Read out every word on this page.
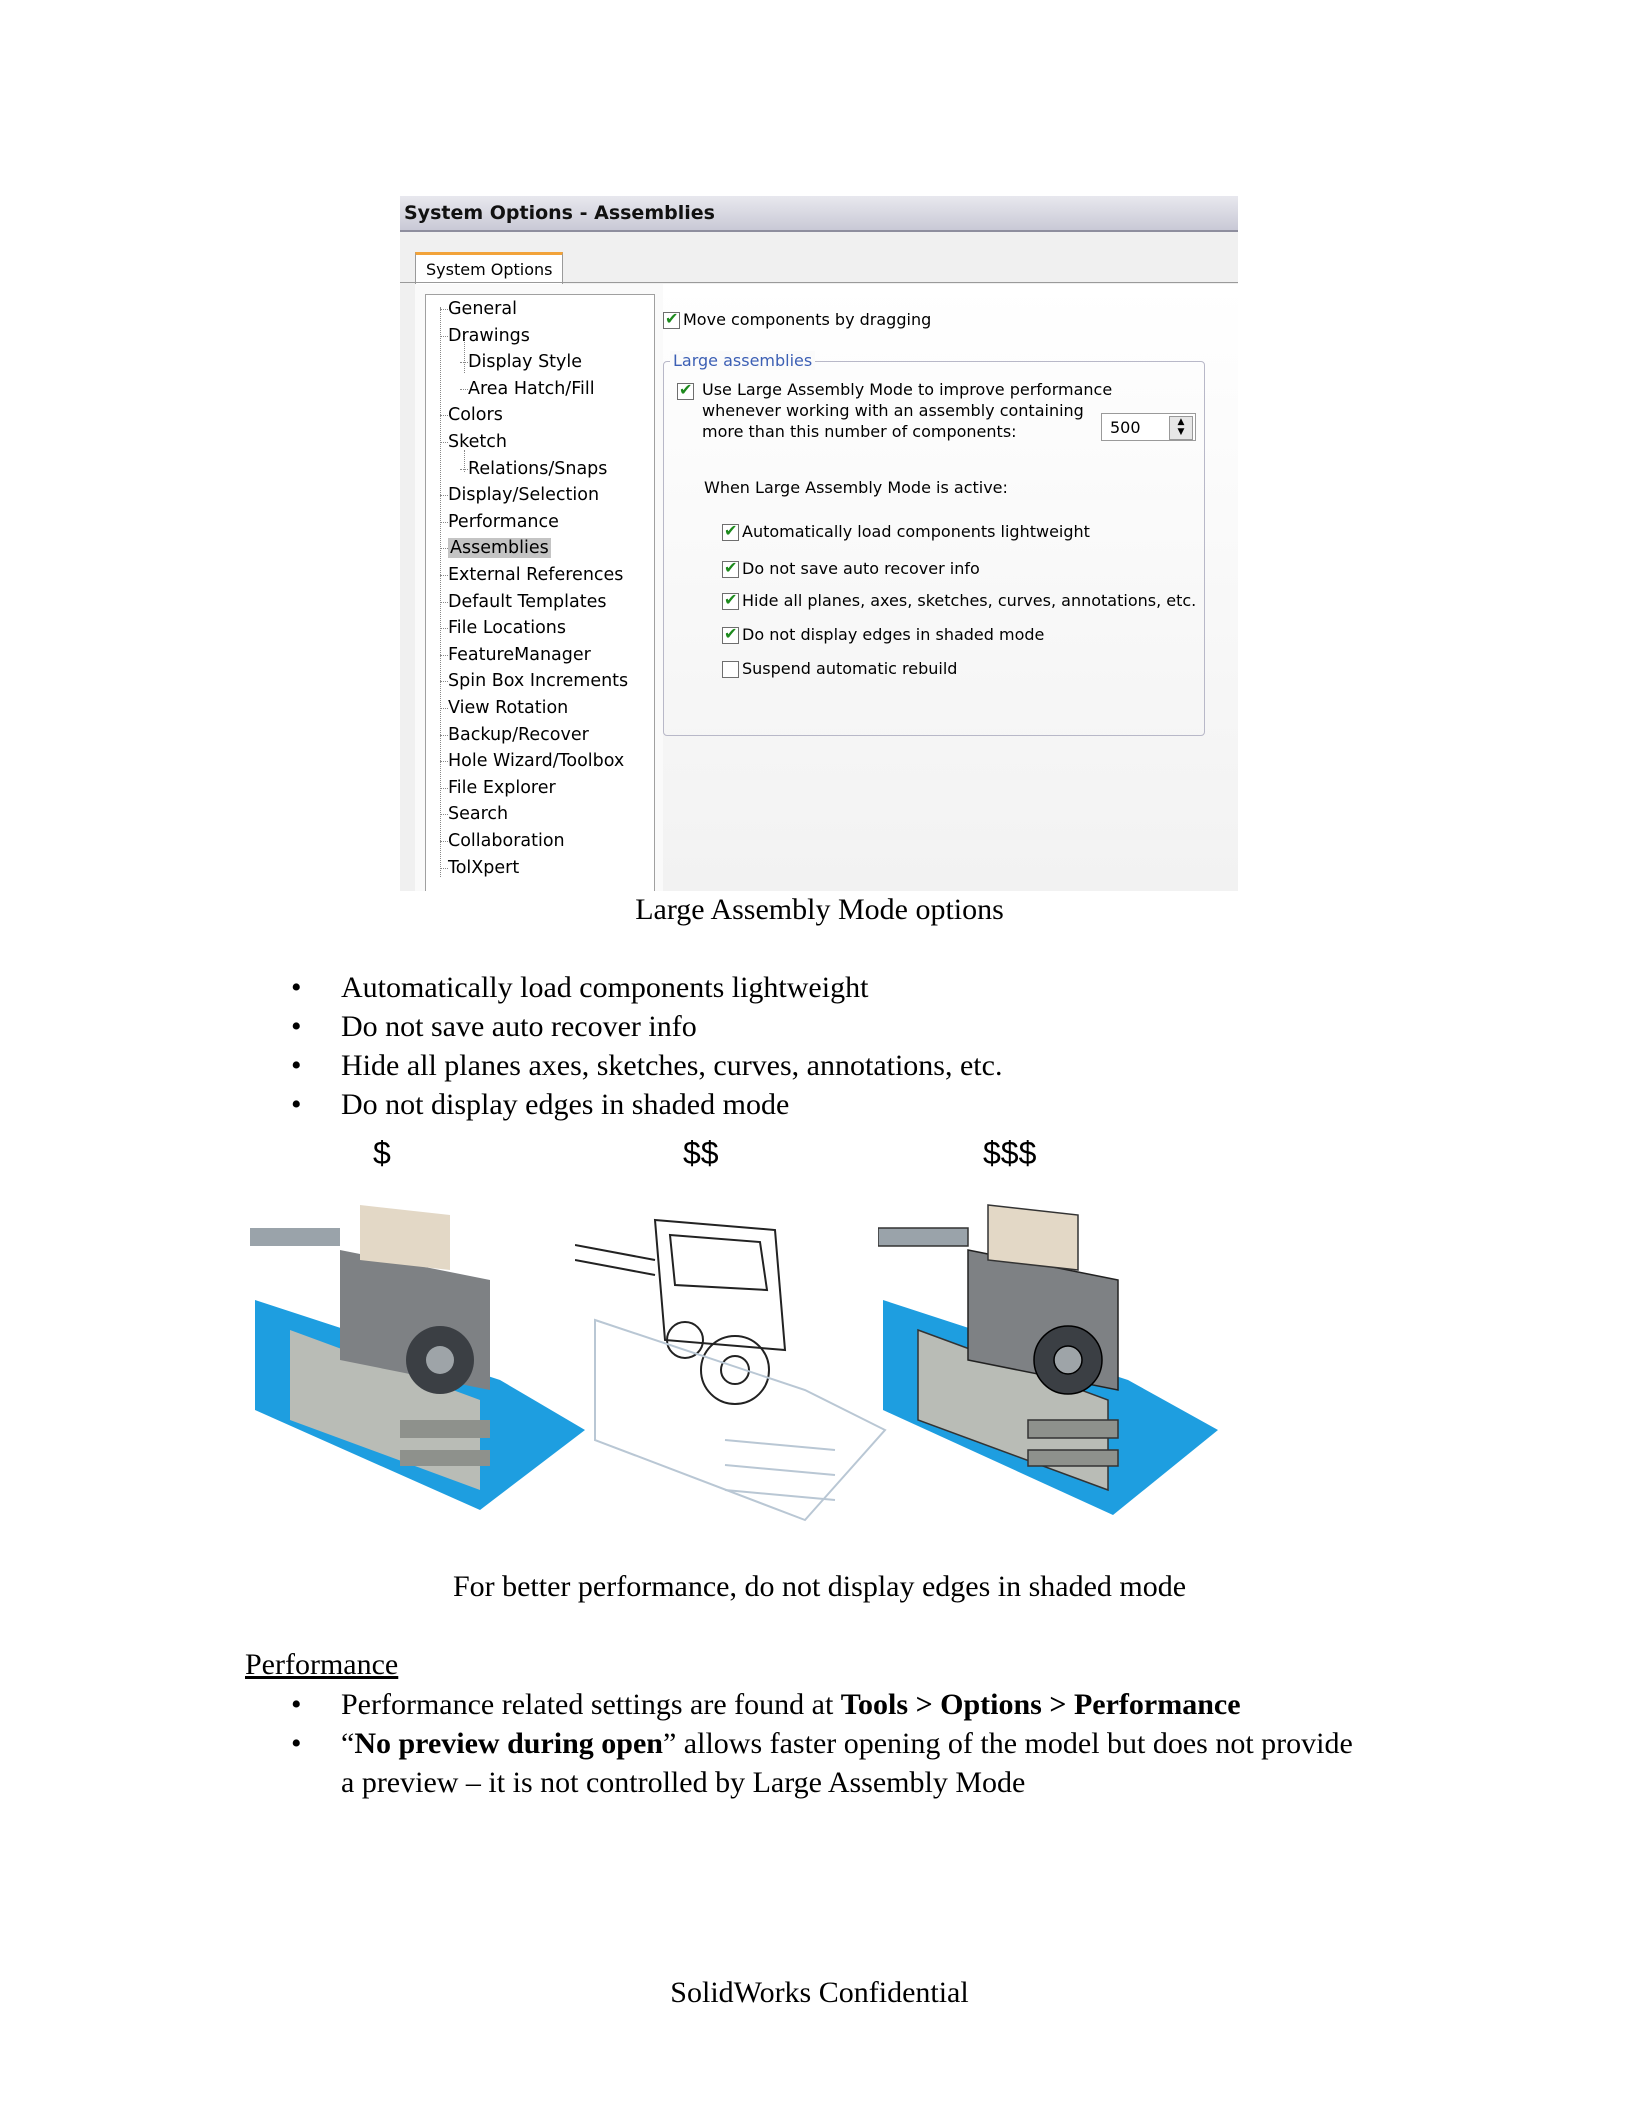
System Options - Assemblies
System Options
General
Drawings
Display Style
Area Hatch/Fill
Colors
Sketch
Relations/Snaps
Display/Selection
Performance
Assemblies
External References
Default Templates
File Locations
FeatureManager
Spin Box Increments
View Rotation
Backup/Recover
Hole Wizard/Toolbox
File Explorer
Search
Collaboration
TolXpert
✔Move components by dragging
Large assemblies
✔
Use Large Assembly Mode to improve performance
whenever working with an assembly containing
more than this number of components:	500	▲
▼
When Large Assembly Mode is active:
✔Automatically load components lightweight
✔Do not save auto recover info
✔Hide all planes, axes, sketches, curves, annotations, etc.
✔Do not display edges in shaded mode
Suspend automatic rebuild
Large Assembly Mode options
• Automatically load components lightweight
• Do not save auto recover info
• Hide all planes axes, sketches, curves, annotations, etc.
• Do not display edges in shaded mode
$	$$	$$$
For better performance, do not display edges in shaded mode
Performance
• Performance related settings are found at Tools > Options > Performance
• “No preview during open” allows faster opening of the model but does not provide a preview – it is not controlled by Large Assembly Mode
SolidWorks Confidential
